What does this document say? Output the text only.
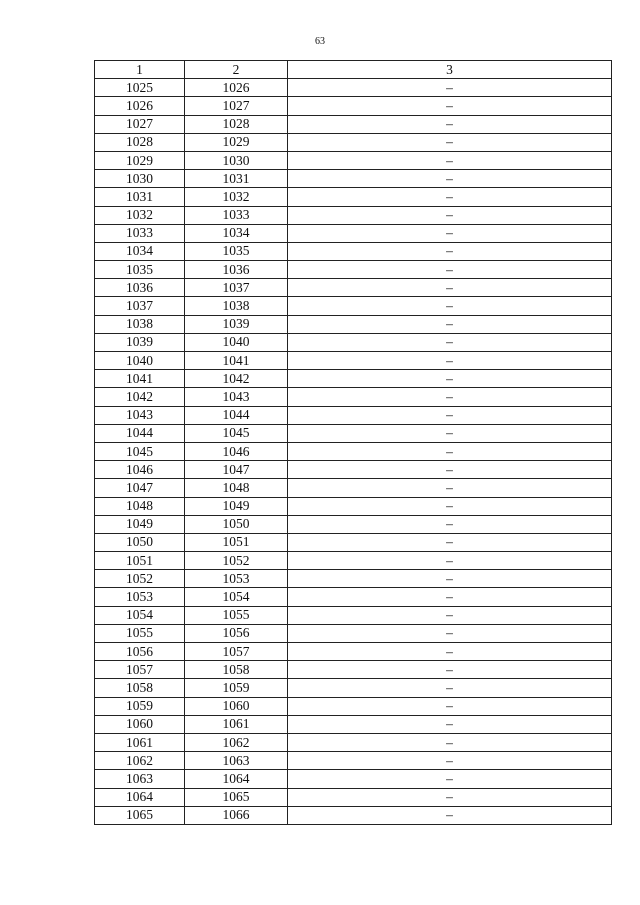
63
1	2	3
1025	1026	–
1026	1027	–
1027	1028	–
1028	1029	–
1029	1030	–
1030	1031	–
1031	1032	–
1032	1033	–
1033	1034	–
1034	1035	–
1035	1036	–
1036	1037	–
1037	1038	–
1038	1039	–
1039	1040	–
1040	1041	–
1041	1042	–
1042	1043	–
1043	1044	–
1044	1045	–
1045	1046	–
1046	1047	–
1047	1048	–
1048	1049	–
1049	1050	–
1050	1051	–
1051	1052	–
1052	1053	–
1053	1054	–
1054	1055	–
1055	1056	–
1056	1057	–
1057	1058	–
1058	1059	–
1059	1060	–
1060	1061	–
1061	1062	–
1062	1063	–
1063	1064	–
1064	1065	–
1065	1066	–
